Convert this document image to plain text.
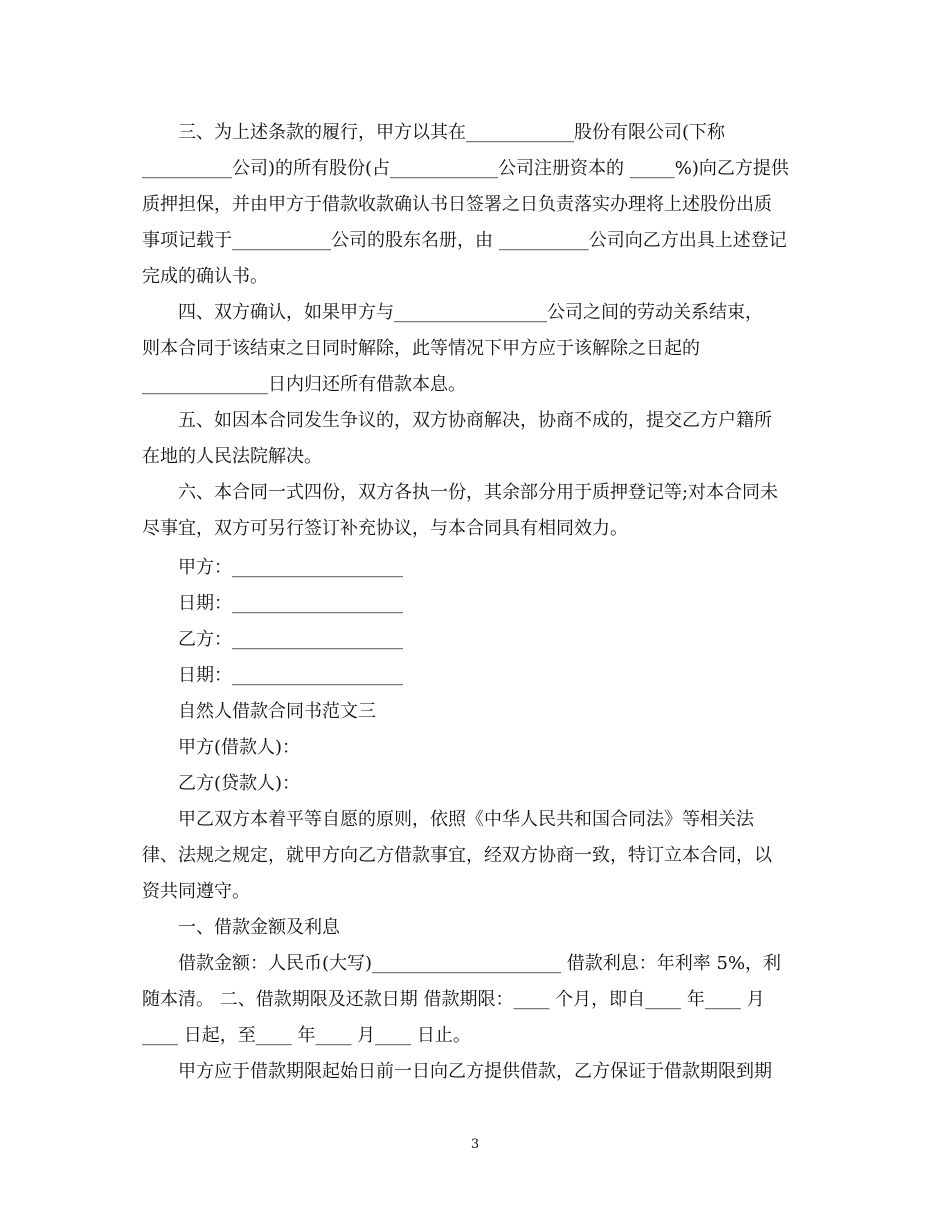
三、为上述条款的履行，甲方以其在____________股份有限公司(下称
__________公司)的所有股份(占____________公司注册资本的 _____%)向乙方提供
质押担保，并由甲方于借款收款确认书日签署之日负责落实办理将上述股份出质
事项记载于___________公司的股东名册，由 __________公司向乙方出具上述登记
完成的确认书。
四、双方确认，如果甲方与_________________公司之间的劳动关系结束，
则本合同于该结束之日同时解除，此等情况下甲方应于该解除之日起的
______________日内归还所有借款本息。
五、如因本合同发生争议的，双方协商解决，协商不成的，提交乙方户籍所
在地的人民法院解决。
六、本合同一式四份，双方各执一份，其余部分用于质押登记等;对本合同未
尽事宜，双方可另行签订补充协议，与本合同具有相同效力。
甲方：___________________
日期：___________________
乙方：___________________
日期：___________________
自然人借款合同书范文三
甲方(借款人)：
乙方(贷款人)：
甲乙双方本着平等自愿的原则，依照《中华人民共和国合同法》等相关法
律、法规之规定，就甲方向乙方借款事宜，经双方协商一致，特订立本合同，以
资共同遵守。
一、借款金额及利息
借款金额：人民币(大写)_____________________ 借款利息：年利率 5%，利
随本清。 二、借款期限及还款日期 借款期限：____ 个月，即自____ 年____ 月
____ 日起，至____ 年____ 月____ 日止。
甲方应于借款期限起始日前一日向乙方提供借款，乙方保证于借款期限到期
3
